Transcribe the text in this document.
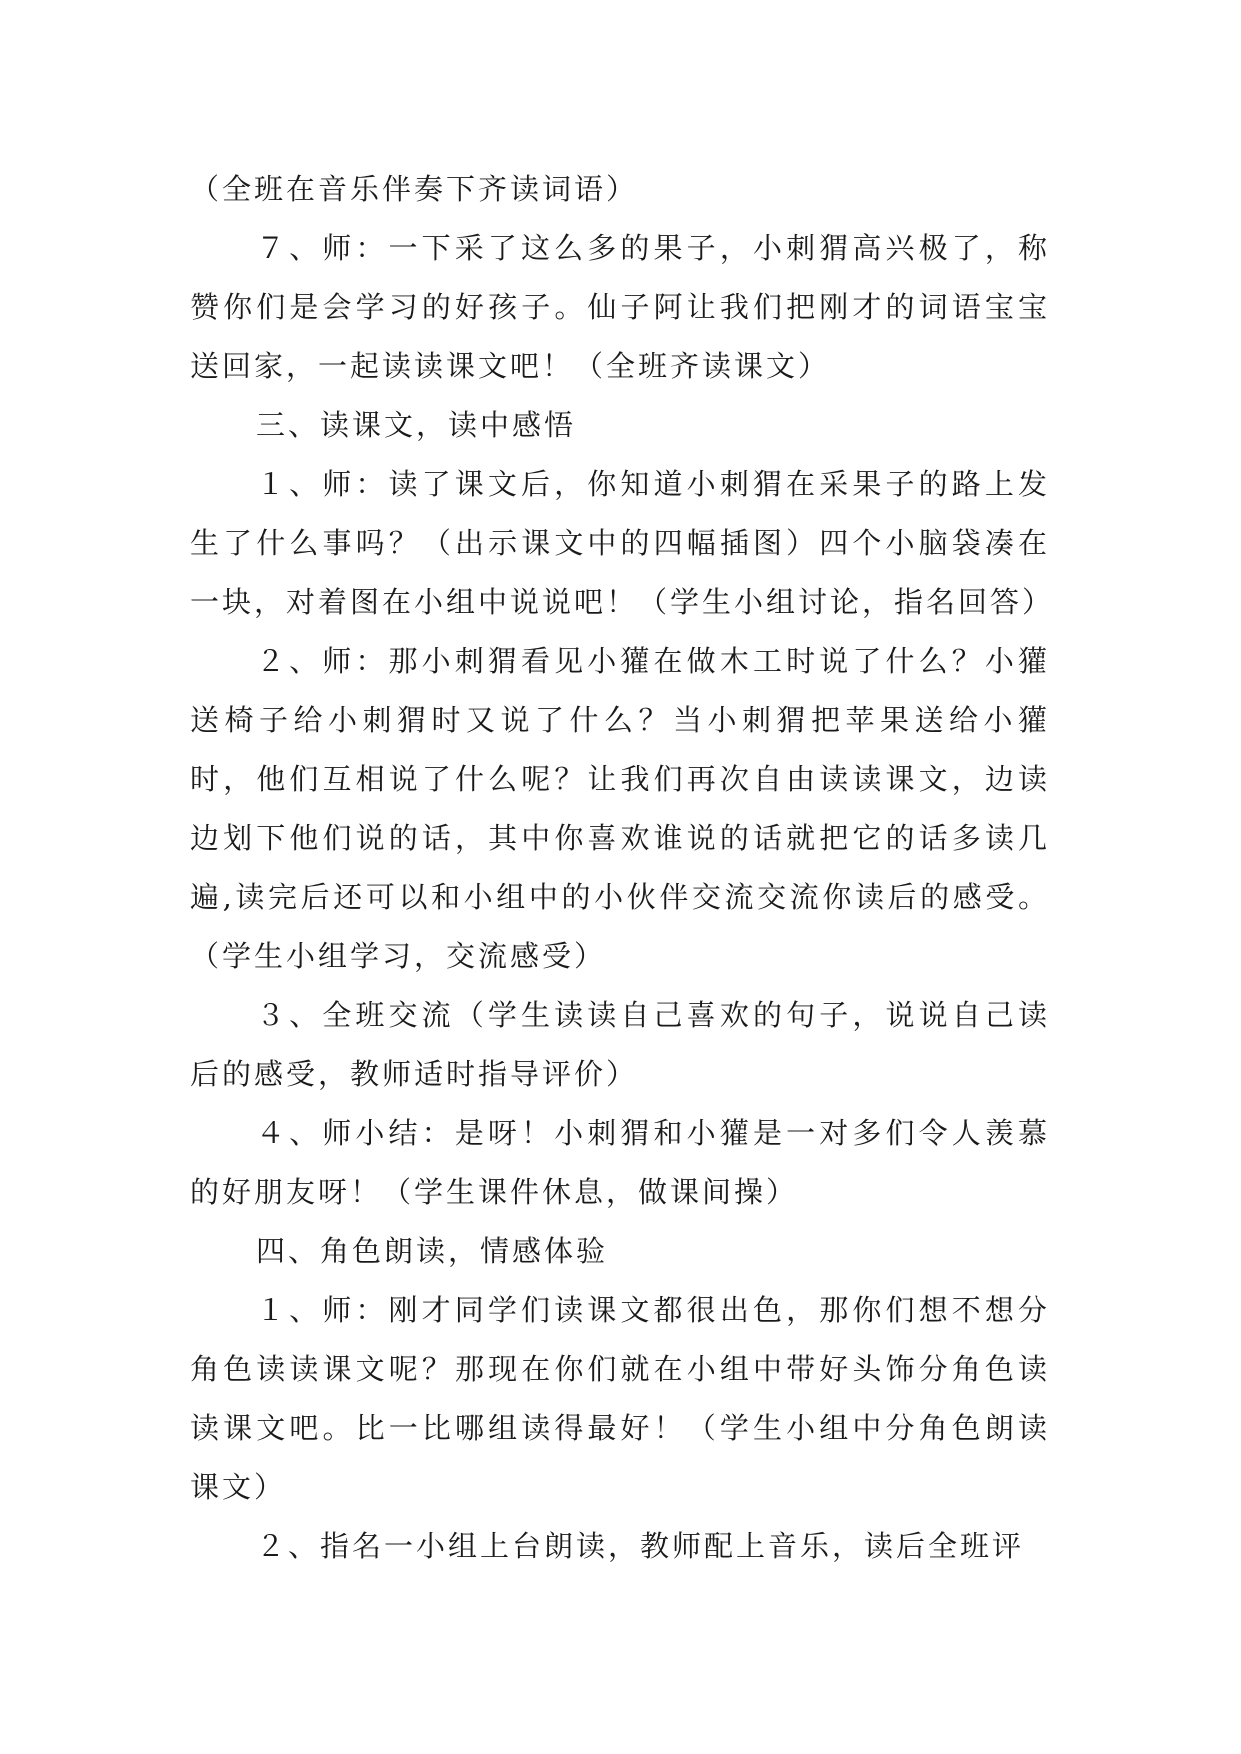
（全班在音乐伴奏下齐读词语）

７、师：一下采了这么多的果子，小刺猬高兴极了，称赞你们是会学习的好孩子。仙子阿让我们把刚才的词语宝宝送回家，一起读读课文吧！（全班齐读课文）

三、读课文，读中感悟

１、师：读了课文后，你知道小刺猬在采果子的路上发生了什么事吗？（出示课文中的四幅插图）四个小脑袋凑在一块，对着图在小组中说说吧！（学生小组讨论，指名回答）

２、师：那小刺猬看见小獾在做木工时说了什么？小獾送椅子给小刺猬时又说了什么？当小刺猬把苹果送给小獾时，他们互相说了什么呢？让我们再次自由读读课文，边读边划下他们说的话，其中你喜欢谁说的话就把它的话多读几遍,读完后还可以和小组中的小伙伴交流交流你读后的感受。（学生小组学习，交流感受）

３、全班交流（学生读读自己喜欢的句子，说说自己读后的感受，教师适时指导评价）

４、师小结：是呀！小刺猬和小獾是一对多们令人羡慕的好朋友呀！（学生课件休息，做课间操）

四、角色朗读，情感体验

１、师：刚才同学们读课文都很出色，那你们想不想分角色读读课文呢？那现在你们就在小组中带好头饰分角色读读课文吧。比一比哪组读得最好！（学生小组中分角色朗读课文）

２、指名一小组上台朗读，教师配上音乐，读后全班评
